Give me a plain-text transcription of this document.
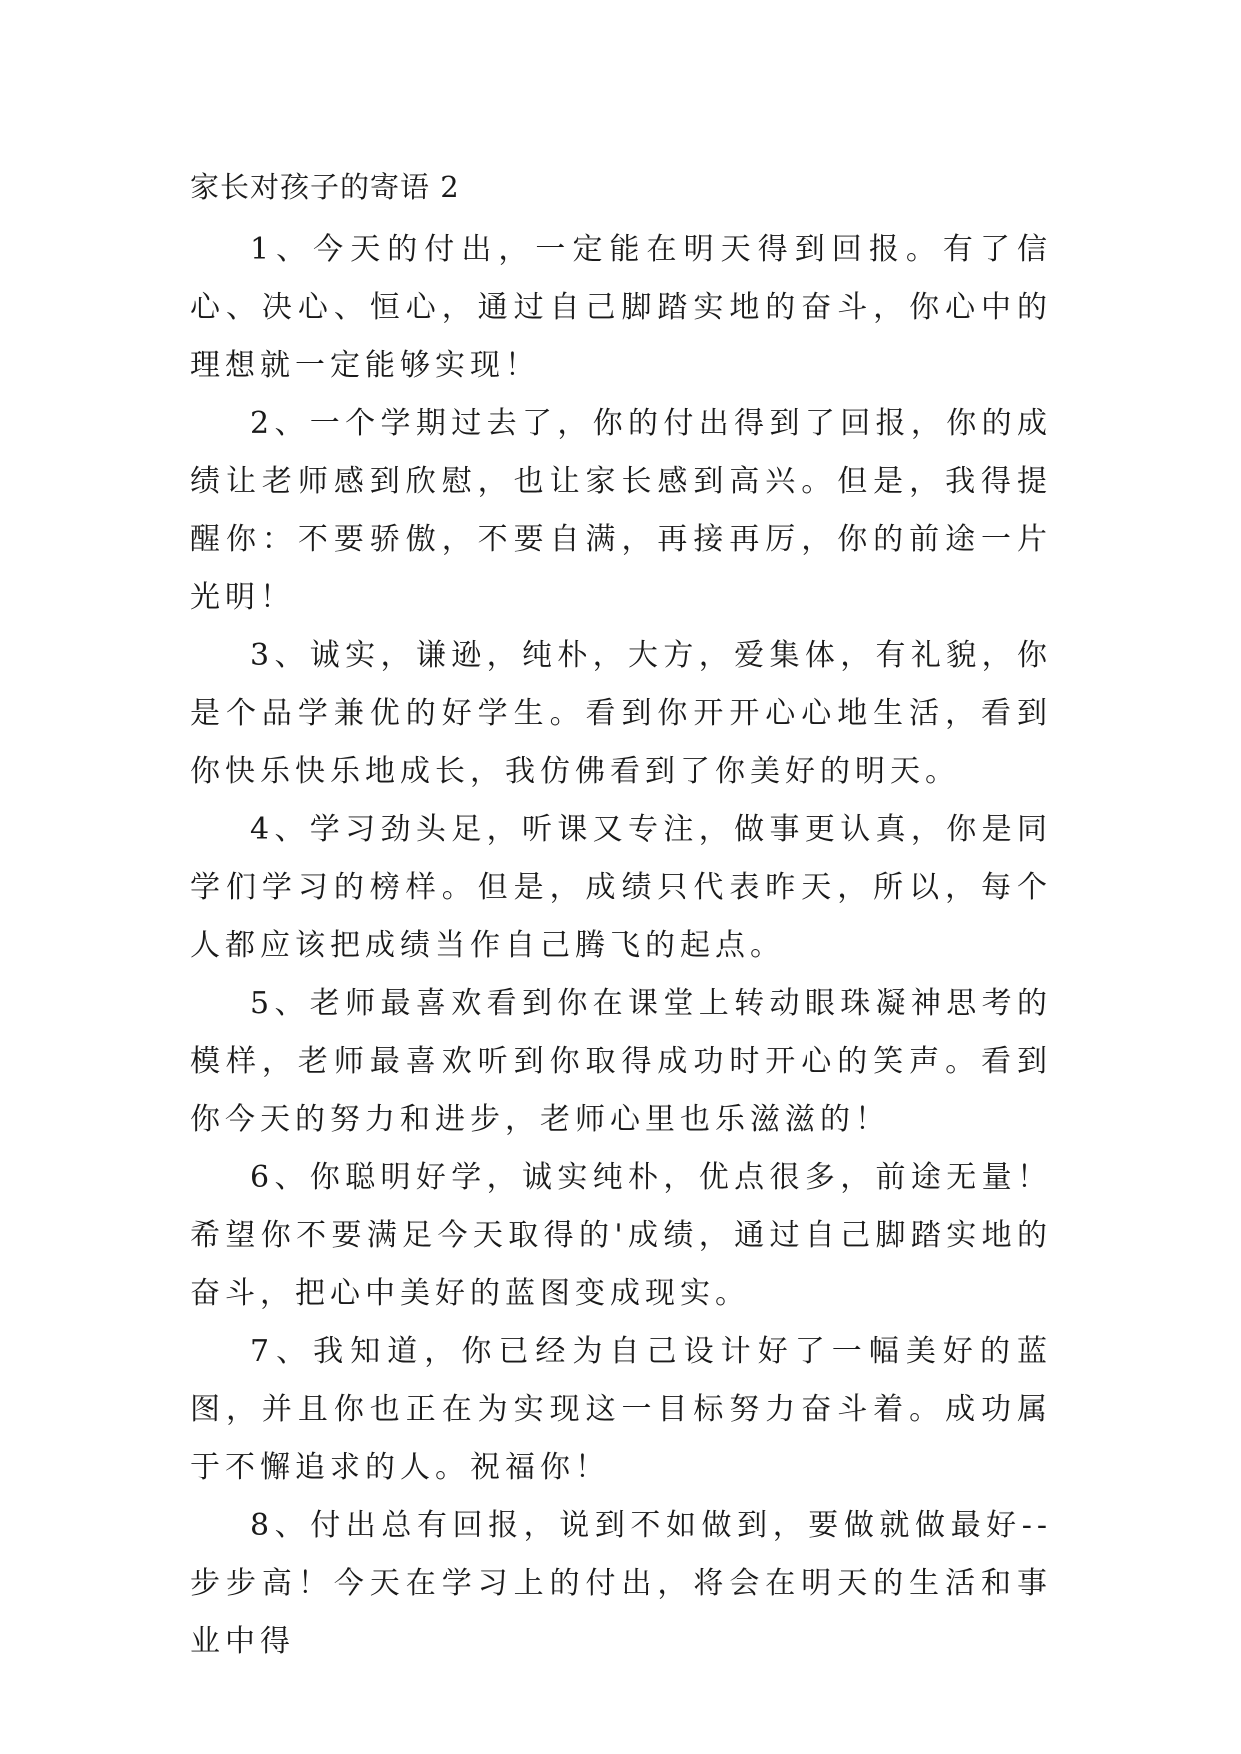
家长对孩子的寄语 2

1、今天的付出，一定能在明天得到回报。有了信心、决心、恒心，通过自己脚踏实地的奋斗，你心中的理想就一定能够实现！

2、一个学期过去了，你的付出得到了回报，你的成绩让老师感到欣慰，也让家长感到高兴。但是，我得提醒你：不要骄傲，不要自满，再接再厉，你的前途一片光明！

3、诚实，谦逊，纯朴，大方，爱集体，有礼貌，你是个品学兼优的好学生。看到你开开心心地生活，看到你快乐快乐地成长，我仿佛看到了你美好的明天。

4、学习劲头足，听课又专注，做事更认真，你是同学们学习的榜样。但是，成绩只代表昨天，所以，每个人都应该把成绩当作自己腾飞的起点。

5、老师最喜欢看到你在课堂上转动眼珠凝神思考的模样，老师最喜欢听到你取得成功时开心的笑声。看到你今天的努力和进步，老师心里也乐滋滋的！

6、你聪明好学，诚实纯朴，优点很多，前途无量！希望你不要满足今天取得的'成绩，通过自己脚踏实地的奋斗，把心中美好的蓝图变成现实。

7、我知道，你已经为自己设计好了一幅美好的蓝图，并且你也正在为实现这一目标努力奋斗着。成功属于不懈追求的人。祝福你！

8、付出总有回报，说到不如做到，要做就做最好--步步高！今天在学习上的付出，将会在明天的生活和事业中得
